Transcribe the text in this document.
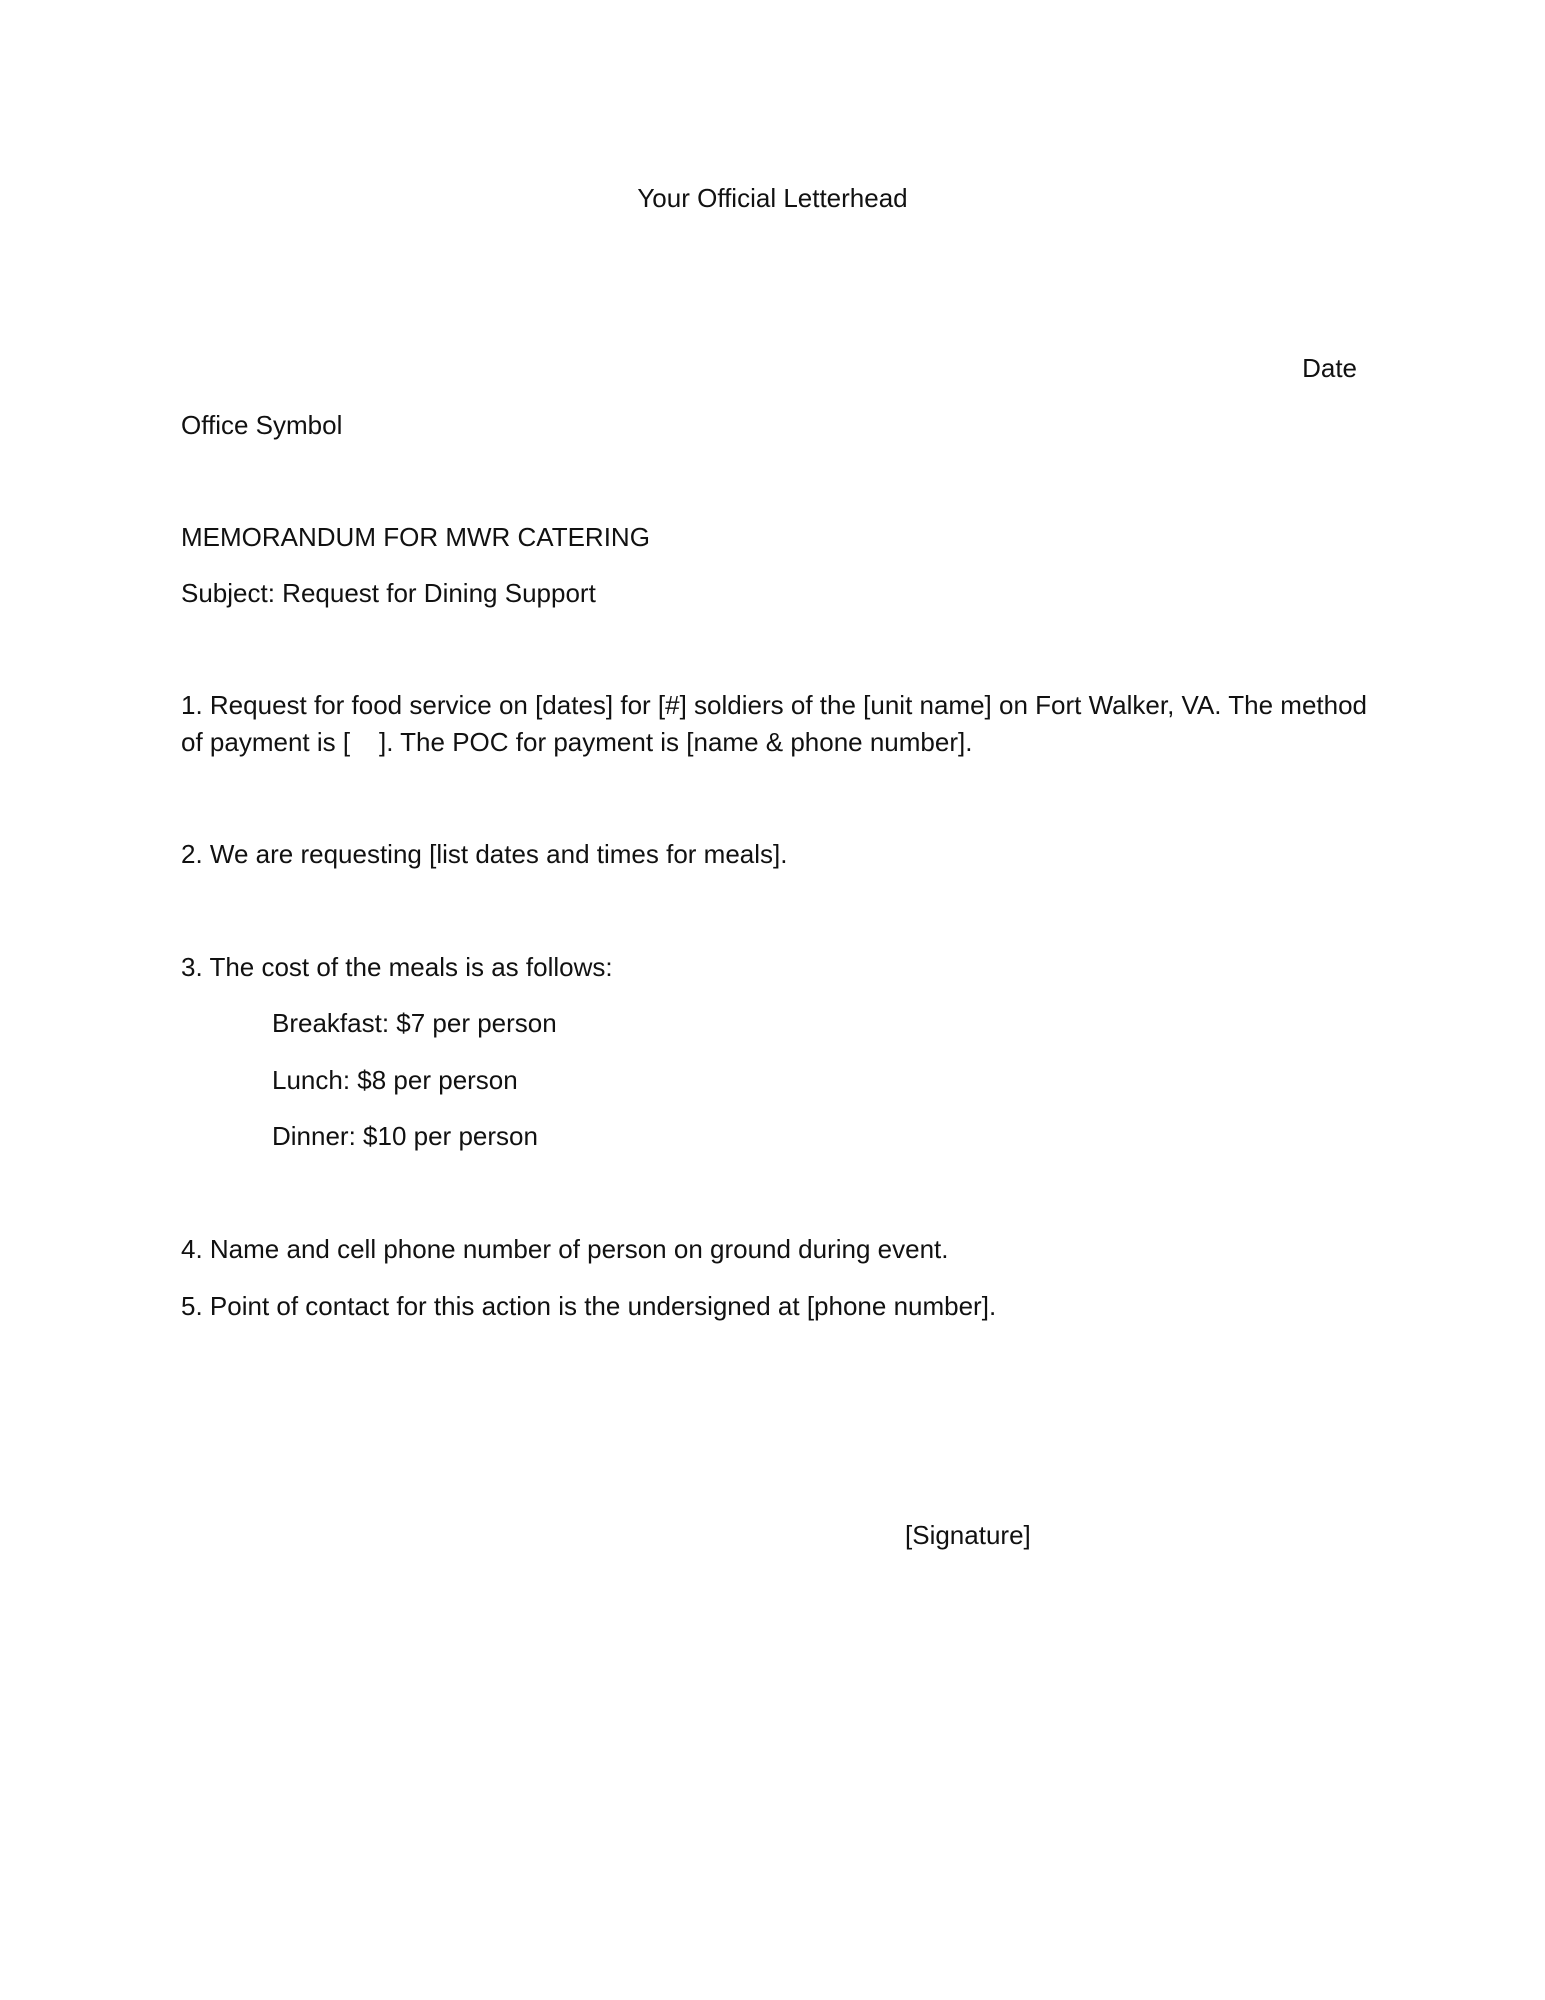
Your Official Letterhead

Date

Office Symbol

MEMORANDUM FOR MWR CATERING

Subject: Request for Dining Support

1. Request for food service on [dates] for [#] soldiers of the [unit name] on Fort Walker, VA. The method

of payment is [    ]. The POC for payment is [name & phone number].

2. We are requesting [list dates and times for meals].

3. The cost of the meals is as follows:

Breakfast: $7 per person

Lunch: $8 per person

Dinner: $10 per person

4. Name and cell phone number of person on ground during event.

5. Point of contact for this action is the undersigned at [phone number].

[Signature]
